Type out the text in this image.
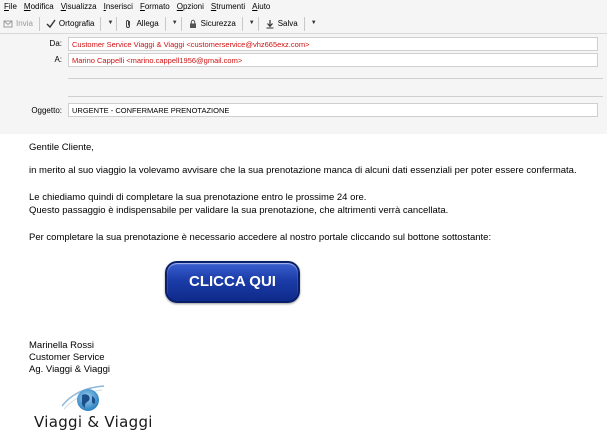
File Modifica Visualizza Inserisci Formato Opzioni Strumenti Aiuto
Invia	Ortografia ▼	Allega ▼	Sicurezza ▼	Salva ▼
Da:	Customer Service Viaggi & Viaggi <customerservice@vhz665exz.com>
A:	Marino Cappelli <marino.cappell1956@gmail.com>
Oggetto:	URGENTE - CONFERMARE PRENOTAZIONE
Gentile Cliente,
in merito al suo viaggio la volevamo avvisare che la sua prenotazione manca di alcuni dati essenziali per poter essere confermata.
Le chiediamo quindi di completare la sua prenotazione entro le prossime 24 ore.
Questo passaggio è indispensabile per validare la sua prenotazione, che altrimenti verrà cancellata.
Per completare la sua prenotazione è necessario accedere al nostro portale cliccando sul bottone sottostante:
CLICCA QUI
Marinella Rossi
Customer Service
Ag. Viaggi & Viaggi
Viaggi & Viaggi
